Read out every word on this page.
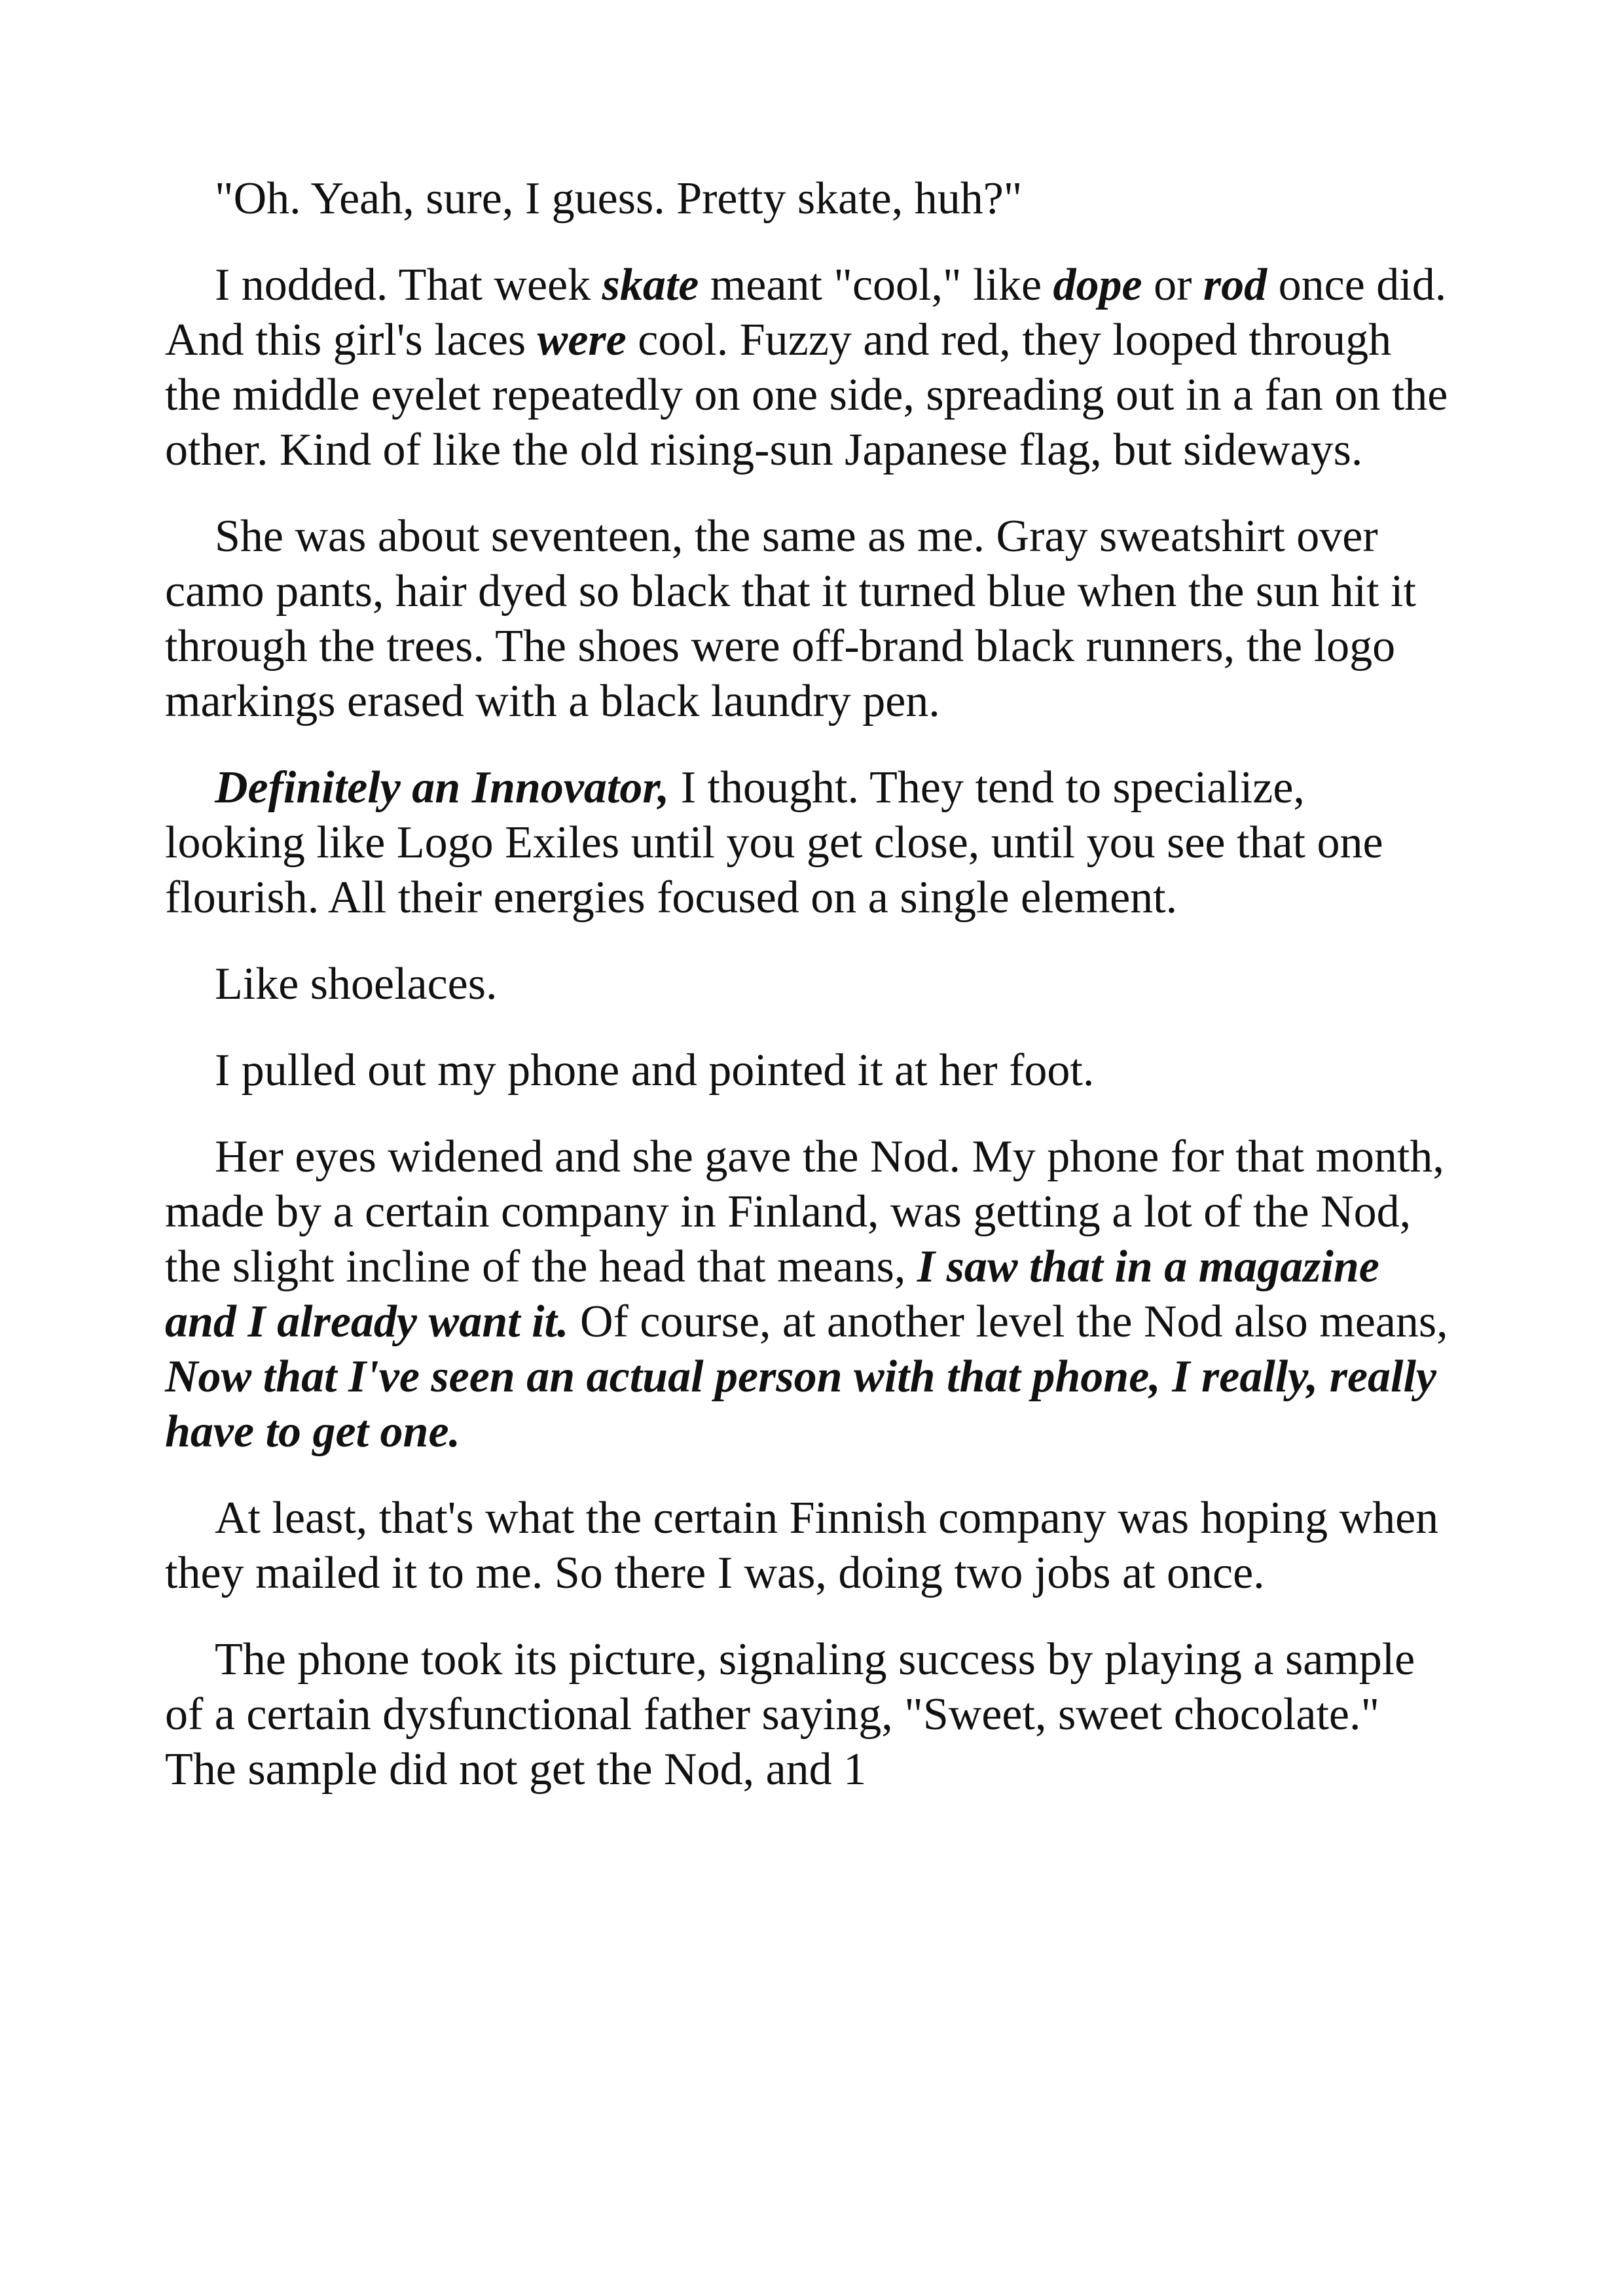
"Oh. Yeah, sure, I guess. Pretty skate, huh?"

I nodded. That week skate meant "cool," like dope or rod once did. And this girl's laces were cool. Fuzzy and red, they looped through the middle eyelet repeatedly on one side, spreading out in a fan on the other. Kind of like the old rising-sun Japanese flag, but sideways.

She was about seventeen, the same as me. Gray sweatshirt over camo pants, hair dyed so black that it turned blue when the sun hit it through the trees. The shoes were off-brand black runners, the logo markings erased with a black laundry pen.

Definitely an Innovator, I thought. They tend to specialize, looking like Logo Exiles until you get close, until you see that one flourish. All their energies focused on a single element.

Like shoelaces.

I pulled out my phone and pointed it at her foot.

Her eyes widened and she gave the Nod. My phone for that month, made by a certain company in Finland, was getting a lot of the Nod, the slight incline of the head that means, I saw that in a magazine and I already want it. Of course, at another level the Nod also means, Now that I've seen an actual person with that phone, I really, really have to get one.

At least, that's what the certain Finnish company was hoping when they mailed it to me. So there I was, doing two jobs at once.

The phone took its picture, signaling success by playing a sample of a certain dysfunctional father saying, "Sweet, sweet chocolate." The sample did not get the Nod, and 1
